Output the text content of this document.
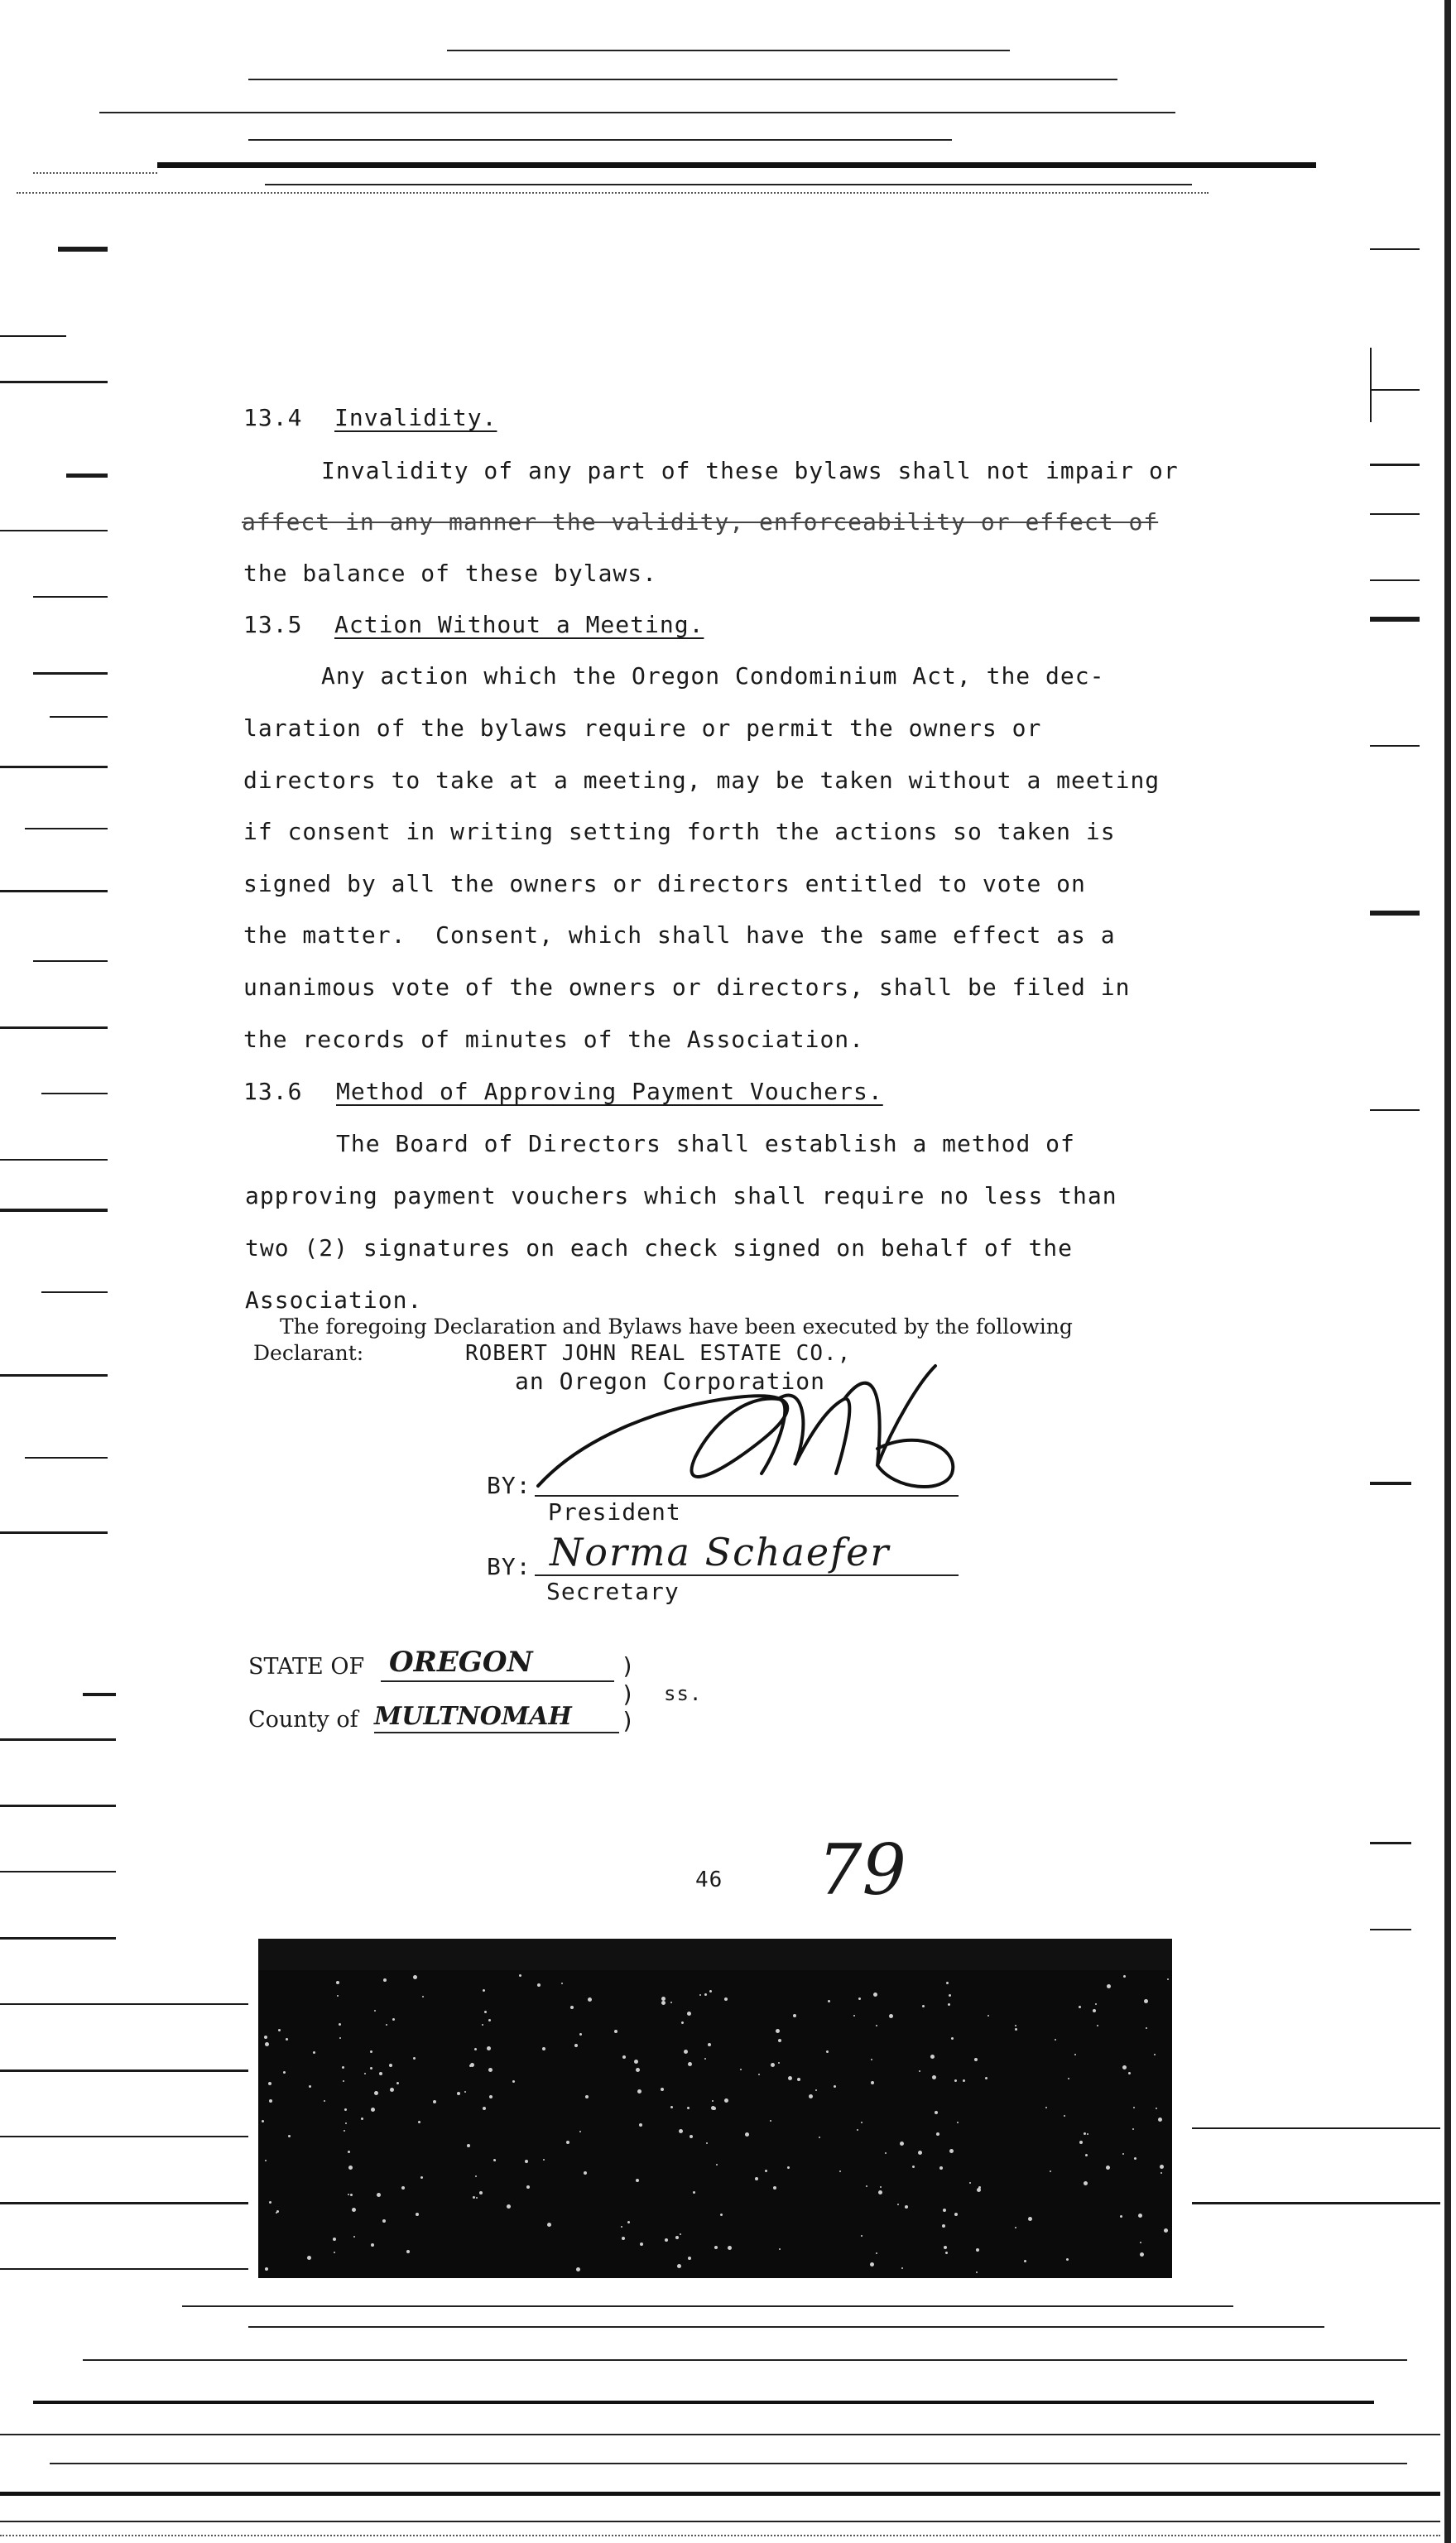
13.4 Invalidity.
Invalidity of any part of these bylaws shall not impair or
affect in any manner the validity, enforceability or effect of
the balance of these bylaws.
13.5 Action Without a Meeting.
Any action which the Oregon Condominium Act, the dec-
laration of the bylaws require or permit the owners or
directors to take at a meeting, may be taken without a meeting
if consent in writing setting forth the actions so taken is
signed by all the owners or directors entitled to vote on
the matter.  Consent, which shall have the same effect as a
unanimous vote of the owners or directors, shall be filed in
the records of minutes of the Association.
13.6 Method of Approving Payment Vouchers.
The Board of Directors shall establish a method of
approving payment vouchers which shall require no less than
two (2) signatures on each check signed on behalf of the
Association.
The foregoing Declaration and Bylaws have been executed by the following
Declarant:	ROBERT JOHN REAL ESTATE CO.,
an Oregon Corporation
BY:
President
BY: Norma Schaefer
Secretary
STATE OF OREGON	)
) ss.
County of MULTNOMAH )
46 79
